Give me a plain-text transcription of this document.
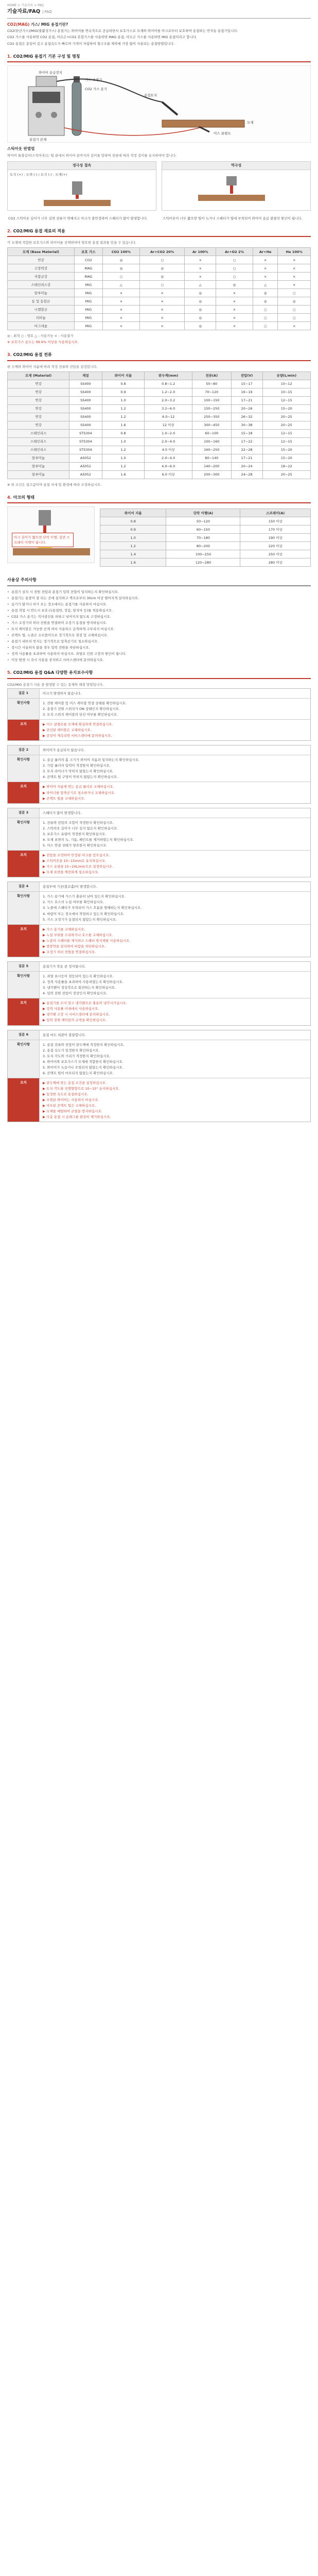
HOME > 기술자료 > FAQ
기술자료/FAQ | FAQ
CO2(MAG) 가스/ MIG 용접기란?

CO2(탄산가스)/MIG(불활성가스) 용접기는 와이어를 연속적으로 공급하면서 보호가스로 모재와 와이어를 아크로부터 보호하며 용접하는 반자동 용접기입니다.

CO2 가스를 사용하면 CO2 용접, 아르곤+CO2 혼합가스를 사용하면 MAG 용접, 아르곤 가스를 사용하면 MIG 용접이라고 합니다.

CO2 용접은 용입이 깊고 용접속도가 빠르며 가격이 저렴하여 철구조물 제작에 가장 많이 사용되는 용접방법입니다.

1. CO2/MIG 용접기 기본 구성 및 명칭
용접기 본체
와이어 송급장치
용접토치
CO2 가스 용기
가스 조정기
어스 클램프
모재
스틱아웃 판별법

와이어 돌출길이(스틱아웃)는 팁 끝에서 와이어 끝까지의 길이를 말하며 전류에 따라 적정 길이를 유지하여야 합니다.

정극성 접속
토치 (+) : 모재 (-) / 토치 (-) : 모재(+)
역극성
CO2 스틱아웃 길이가 너무 길면 전류가 약해지고 아크가 불안정하여 스패터가 많이 발생합니다.	스틱아웃이 너무 짧으면 팁이 녹거나 스패터가 팁에 부착되어 와이어 송급 불량의 원인이 됩니다.
2. CO2/MIG 용접 재료의 적용

각 모재에 적합한 보호가스와 와이어를 선택하여야 양호한 용접 결과를 얻을 수 있습니다.

모재 (Base Material)	보호 가스	CO2 100%	Ar+CO2 20%	Ar 100%	Ar+O2 2%	Ar+He	He 100%
연강	CO2	◎	○	×	○	×	×
고장력강	MAG	◎	◎	×	○	×	×
저합금강	MAG	○	◎	×	○	×	×
스테인리스강	MIG	△	○	△	◎	△	×
알루미늄	MIG	×	×	◎	×	◎	○
동 및 동합금	MIG	×	×	◎	×	◎	◎
니켈합금	MIG	×	×	◎	×	○	○
티타늄	MIG	×	×	◎	×	○	○
마그네슘	MIG	×	×	◎	×	○	×

◎ : 최적 ○ : 양호 △ : 사용가능 × : 사용불가

※ 보호가스 순도는 99.9% 이상을 사용하십시오.

3. CO2/MIG 용접 전류

판 두께와 와이어 지름에 따라 적정 전류와 전압을 설정합니다.

모재 (Material)	재질	와이어 지름	판두께(mm)	전류(A)	전압(V)	유량(L/min)
연강	SS400	0.8	0.8~1.2	50~80	15~17	10~12
연강	SS400	0.9	1.2~2.0	70~120	16~19	10~15
연강	SS400	1.0	2.0~3.2	100~150	17~21	12~15
연강	SS400	1.2	3.2~6.0	150~250	20~26	15~20
연강	SS400	1.2	6.0~12	250~350	26~32	20~25
연강	SS400	1.6	12 이상	300~450	30~38	20~25
스테인리스	STS304	0.8	1.0~2.0	60~100	15~18	12~15
스테인리스	STS304	1.0	2.0~4.0	100~160	17~22	12~15
스테인리스	STS304	1.2	4.0 이상	160~250	22~28	15~20
알루미늄	A5052	1.0	2.0~4.0	80~140	17~21	15~20
알루미늄	A5052	1.2	4.0~6.0	140~200	20~24	18~22
알루미늄	A5052	1.6	6.0 이상	200~300	24~28	20~25

※ 위 조건은 참고값이며 용접 자세 및 환경에 따라 조정하십시오.

4. 아크의 형태
아크 길이가 짧으면 단락 이행, 길면 스프레이 이행이 됩니다.
와이어 지름	단락 이행(A)	스프레이(A)
0.8	50~120	150 이상
0.9	60~150	170 이상
1.0	70~180	190 이상
1.2	80~200	220 이상
1.4	100~250	250 이상
1.6	120~280	280 이상
사용상 주의사항
• 용접기 설치 시 전원 전압과 용접기 입력 전압이 일치하는지 확인하십시오.
• 용접기는 통풍이 잘 되는 곳에 설치하고 벽으로부터 30cm 이상 떨어지게 설치하십시오.
• 습기가 많거나 비가 오는 장소에서는 용접기를 사용하지 마십시오.
• 용접 작업 시 반드시 보호구(용접면, 장갑, 앞치마 등)를 착용하십시오.
• CO2 가스 용기는 직사광선을 피하고 넘어지지 않도록 고정하십시오.
• 가스 조정기의 히터 전원을 연결하여 조정기 동결을 방지하십시오.
• 토치 케이블은 가능한 곧게 펴서 사용하고 급격하게 구부리지 마십시오.
• 콘택트 팁, 노즐은 소모품이므로 정기적으로 점검 및 교체하십시오.
• 용접기 내부의 먼지는 정기적으로 압축공기로 청소하십시오.
• 장시간 사용하지 않을 경우 입력 전원을 차단하십시오.
• 정격 사용률을 초과하여 사용하지 마십시오. 과열로 인한 고장의 원인이 됩니다.
• 이상 발생 시 즉시 사용을 중지하고 서비스센터에 문의하십시오.
5. CO2/MIG 용접 Q&A 다양한 유지보수사항

CO2/MIG 용접기 사용 중 발생할 수 있는 문제와 해결 방법입니다.

질문 1	아크가 발생하지 않습니다.
확인사항	1. 전원 케이블 및 어스 케이블 연결 상태를 확인하십시오.
2. 용접기 전원 스위치가 ON 상태인지 확인하십시오.
3. 토치 스위치 케이블의 단선 여부를 확인하십시오.
조치	▶ 어스 클램프를 모재에 확실하게 연결하십시오.
▶ 단선된 케이블은 교체하십시오.
▶ 증상이 계속되면 서비스센터에 문의하십시오.
질문 2	와이어가 송급되지 않습니다.
확인사항	1. 송급 롤러의 홈 크기가 와이어 지름과 일치하는지 확인하십시오.
2. 가압 롤러의 압력이 적정한지 확인하십시오.
3. 토치 라이너가 막히지 않았는지 확인하십시오.
4. 콘택트 팁 구멍이 막히지 않았는지 확인하십시오.
조치	▶ 와이어 지름에 맞는 송급 롤러로 교체하십시오.
▶ 라이너를 압축공기로 청소하거나 교체하십시오.
▶ 콘택트 팁을 교체하십시오.
질문 3	스패터가 많이 발생합니다.
확인사항	1. 전류와 전압의 조합이 적정한지 확인하십시오.
2. 스틱아웃 길이가 너무 길지 않은지 확인하십시오.
3. 보호가스 유량이 적정한지 확인하십시오.
4. 모재 표면의 녹, 기름, 페인트를 제거하였는지 확인하십시오.
5. 어스 연결 상태가 양호한지 확인하십시오.
조치	▶ 전압을 조정하여 안정된 아크를 얻으십시오.
▶ 스틱아웃을 10~15mm로 유지하십시오.
▶ 가스 유량을 15~20L/min으로 설정하십시오.
▶ 모재 표면을 깨끗하게 청소하십시오.
질문 4	용접부에 기공(블로홀)이 발생합니다.
확인사항	1. 가스 용기에 가스가 충분히 남아 있는지 확인하십시오.
2. 가스 호스의 누설 여부를 확인하십시오.
3. 노즐에 스패터가 부착되어 가스 흐름을 방해하는지 확인하십시오.
4. 바람이 부는 장소에서 작업하고 있는지 확인하십시오.
5. 가스 조정기가 동결되지 않았는지 확인하십시오.
조치	▶ 가스 용기를 교체하십시오.
▶ 누설 부위를 수리하거나 호스를 교체하십시오.
▶ 노즐의 스패터를 제거하고 스패터 방지제를 사용하십시오.
▶ 방풍막을 설치하여 바람을 차단하십시오.
▶ 조정기 히터 전원을 연결하십시오.
질문 5	용접기가 작동 중 정지됩니다.
확인사항	1. 과열 표시등이 점등되어 있는지 확인하십시오.
2. 정격 사용률을 초과하여 사용하였는지 확인하십시오.
3. 냉각팬이 정상적으로 회전하는지 확인하십시오.
4. 입력 전원 전압이 정상인지 확인하십시오.
조치	▶ 용접기를 끄지 말고 냉각팬으로 충분히 냉각시키십시오.
▶ 정격 사용률 이내에서 사용하십시오.
▶ 냉각팬 고장 시 서비스센터에 문의하십시오.
▶ 입력 전원 케이블의 규격을 확인하십시오.
질문 6	용접 비드 외관이 불량합니다.
확인사항	1. 용접 전류와 전압이 판두께에 적정한지 확인하십시오.
2. 용접 속도가 일정한지 확인하십시오.
3. 토치 각도와 거리가 적정한지 확인하십시오.
4. 와이어와 보호가스가 모재에 적합한지 확인하십시오.
5. 와이어가 녹슬거나 오염되지 않았는지 확인하십시오.
6. 콘택트 팁이 마모되지 않았는지 확인하십시오.
조치	▶ 판두께에 맞는 용접 조건을 설정하십시오.
▶ 토치 각도를 진행방향으로 10~15° 유지하십시오.
▶ 일정한 속도로 용접하십시오.
▶ 오염된 와이어는 사용하지 마십시오.
▶ 마모된 콘택트 팁은 교체하십시오.
▶ 모재를 예열하여 균열을 방지하십시오.
▶ 다층 용접 시 슬래그를 완전히 제거하십시오.
